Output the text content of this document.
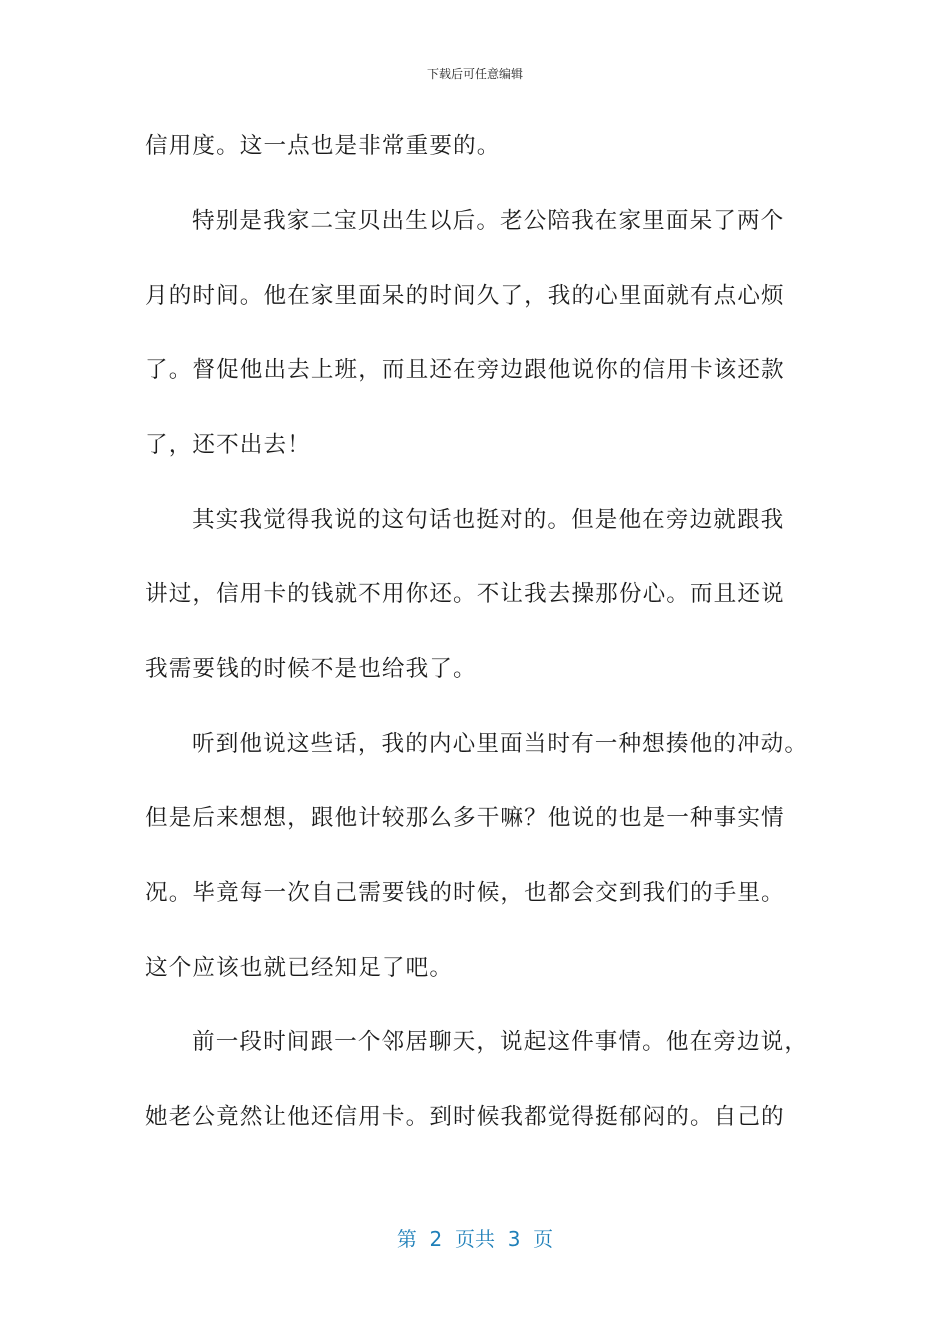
下载后可任意编辑
信用度。这一点也是非常重要的。
特别是我家二宝贝出生以后。老公陪我在家里面呆了两个
月的时间。他在家里面呆的时间久了，我的心里面就有点心烦
了。督促他出去上班，而且还在旁边跟他说你的信用卡该还款
了，还不出去！
其实我觉得我说的这句话也挺对的。但是他在旁边就跟我
讲过，信用卡的钱就不用你还。不让我去操那份心。而且还说
我需要钱的时候不是也给我了。
听到他说这些话，我的内心里面当时有一种想揍他的冲动。
但是后来想想，跟他计较那么多干嘛？他说的也是一种事实情
况。毕竟每一次自己需要钱的时候，也都会交到我们的手里。
这个应该也就已经知足了吧。
前一段时间跟一个邻居聊天，说起这件事情。他在旁边说，
她老公竟然让他还信用卡。到时候我都觉得挺郁闷的。自己的
第  2  页共  3  页
